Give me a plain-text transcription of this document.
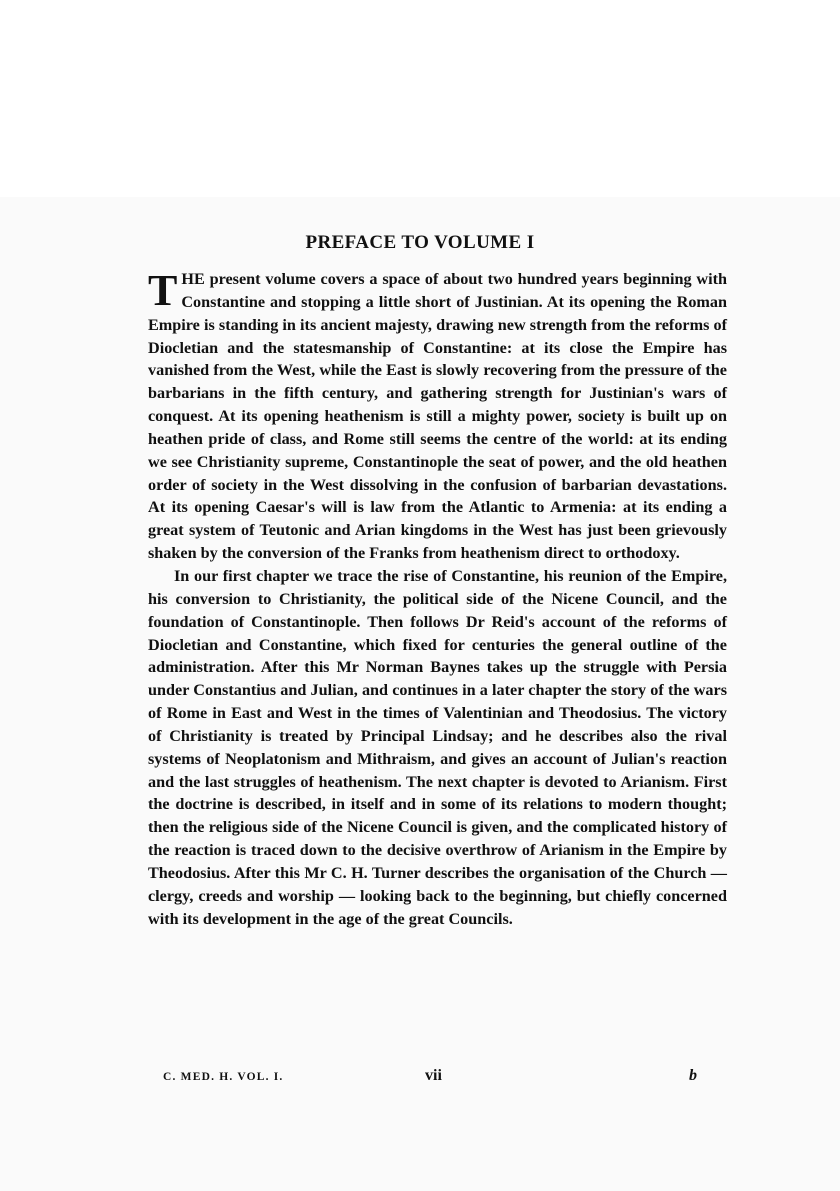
PREFACE TO VOLUME I

THE present volume covers a space of about two hundred years beginning with Constantine and stopping a little short of Justinian. At its opening the Roman Empire is standing in its ancient majesty, drawing new strength from the reforms of Diocletian and the statesmanship of Constantine: at its close the Empire has vanished from the West, while the East is slowly recovering from the pressure of the barbarians in the fifth century, and gathering strength for Justinian's wars of conquest. At its opening heathenism is still a mighty power, society is built up on heathen pride of class, and Rome still seems the centre of the world: at its ending we see Christianity supreme, Constantinople the seat of power, and the old heathen order of society in the West dissolving in the confusion of barbarian devastations. At its opening Caesar's will is law from the Atlantic to Armenia: at its ending a great system of Teutonic and Arian kingdoms in the West has just been grievously shaken by the conversion of the Franks from heathenism direct to orthodoxy.

In our first chapter we trace the rise of Constantine, his reunion of the Empire, his conversion to Christianity, the political side of the Nicene Council, and the foundation of Constantinople. Then follows Dr Reid's account of the reforms of Diocletian and Constantine, which fixed for centuries the general outline of the administration. After this Mr Norman Baynes takes up the struggle with Persia under Constantius and Julian, and continues in a later chapter the story of the wars of Rome in East and West in the times of Valentinian and Theodosius. The victory of Christianity is treated by Principal Lindsay; and he describes also the rival systems of Neoplatonism and Mithraism, and gives an account of Julian's reaction and the last struggles of heathenism. The next chapter is devoted to Arianism. First the doctrine is described, in itself and in some of its relations to modern thought; then the religious side of the Nicene Council is given, and the complicated history of the reaction is traced down to the decisive overthrow of Arianism in the Empire by Theodosius. After this Mr C. H. Turner describes the organisation of the Church — clergy, creeds and worship — looking back to the beginning, but chiefly concerned with its development in the age of the great Councils.

C. MED. H. VOL. I.	vii	b
